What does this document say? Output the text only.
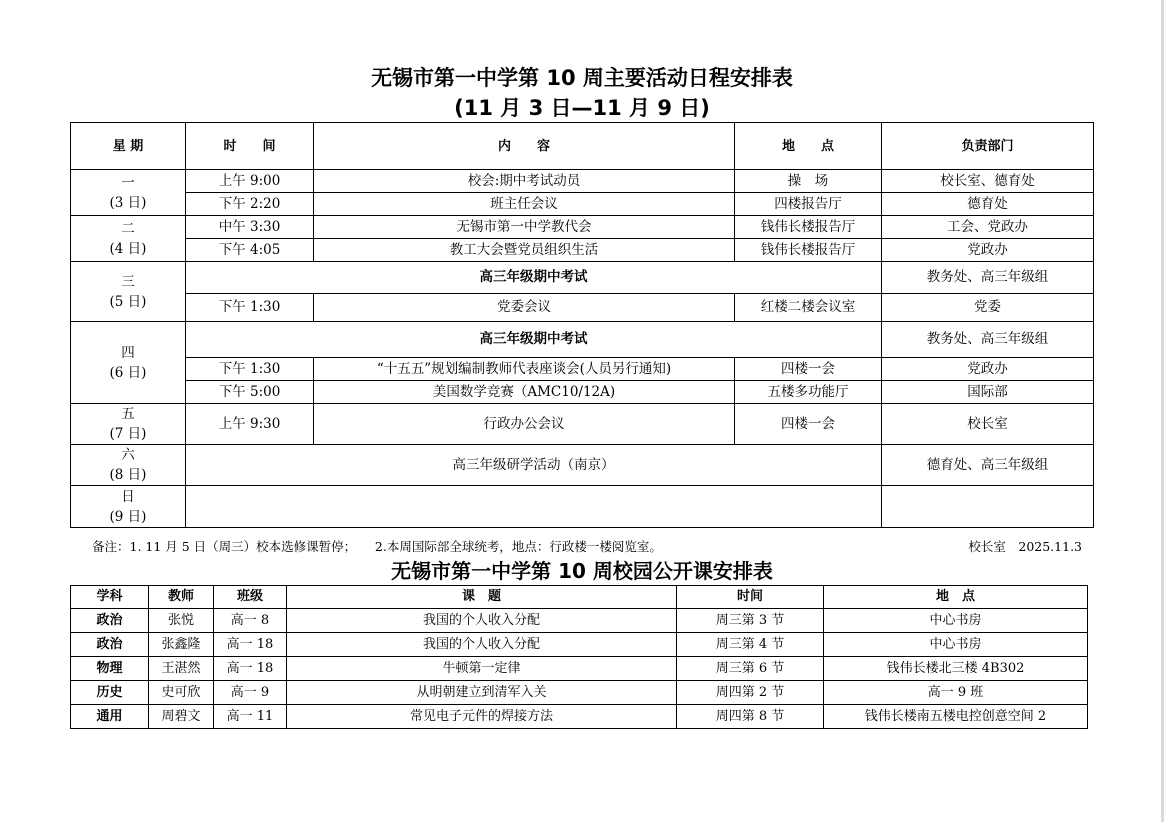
无锡市第一中学第 10 周主要活动日程安排表
(11 月 3 日—11 月 9 日)
星 期	时　　间	内　　容	地　　点	负责部门

一
(3 日)	上午 9:00	校会:期中考试动员	操　场	校长室、德育处
	下午 2:20	班主任会议	四楼报告厅	德育处

二
(4 日)	中午 3:30	无锡市第一中学教代会	钱伟长楼报告厅	工会、党政办
	下午 4:05	教工大会暨党员组织生活	钱伟长楼报告厅	党政办

三
(5 日)	高三年级期中考试			教务处、高三年级组
	下午 1:30	党委会议	红楼二楼会议室	党委

四
(6 日)	高三年级期中考试			教务处、高三年级组
	下午 1:30	“十五五”规划编制教师代表座谈会(人员另行通知)	四楼一会	党政办
	下午 5:00	美国数学竞赛（AMC10/12A)	五楼多功能厅	国际部

五
(7 日)	上午 9:30	行政办公会议	四楼一会	校长室

六
(8 日)	高三年级研学活动（南京）			德育处、高三年级组

日
(9 日)				

备注：1. 11 月 5 日（周三）校本选修课暂停；　　2.本周国际部全球统考，地点：行政楼一楼阅览室。	校长室　2025.11.3
无锡市第一中学第 10 周校园公开课安排表
学科	教师	班级	课　题	时间	地　点
政治	张悦	高一 8	我国的个人收入分配	周三第 3 节	中心书房
政治	张鑫隆	高一 18	我国的个人收入分配	周三第 4 节	中心书房
物理	王湛然	高一 18	牛顿第一定律	周三第 6 节	钱伟长楼北三楼 4B302
历史	史可欣	高一 9	从明朝建立到清军入关	周四第 2 节	高一 9 班
通用	周碧文	高一 11	常见电子元件的焊接方法	周四第 8 节	钱伟长楼南五楼电控创意空间 2
